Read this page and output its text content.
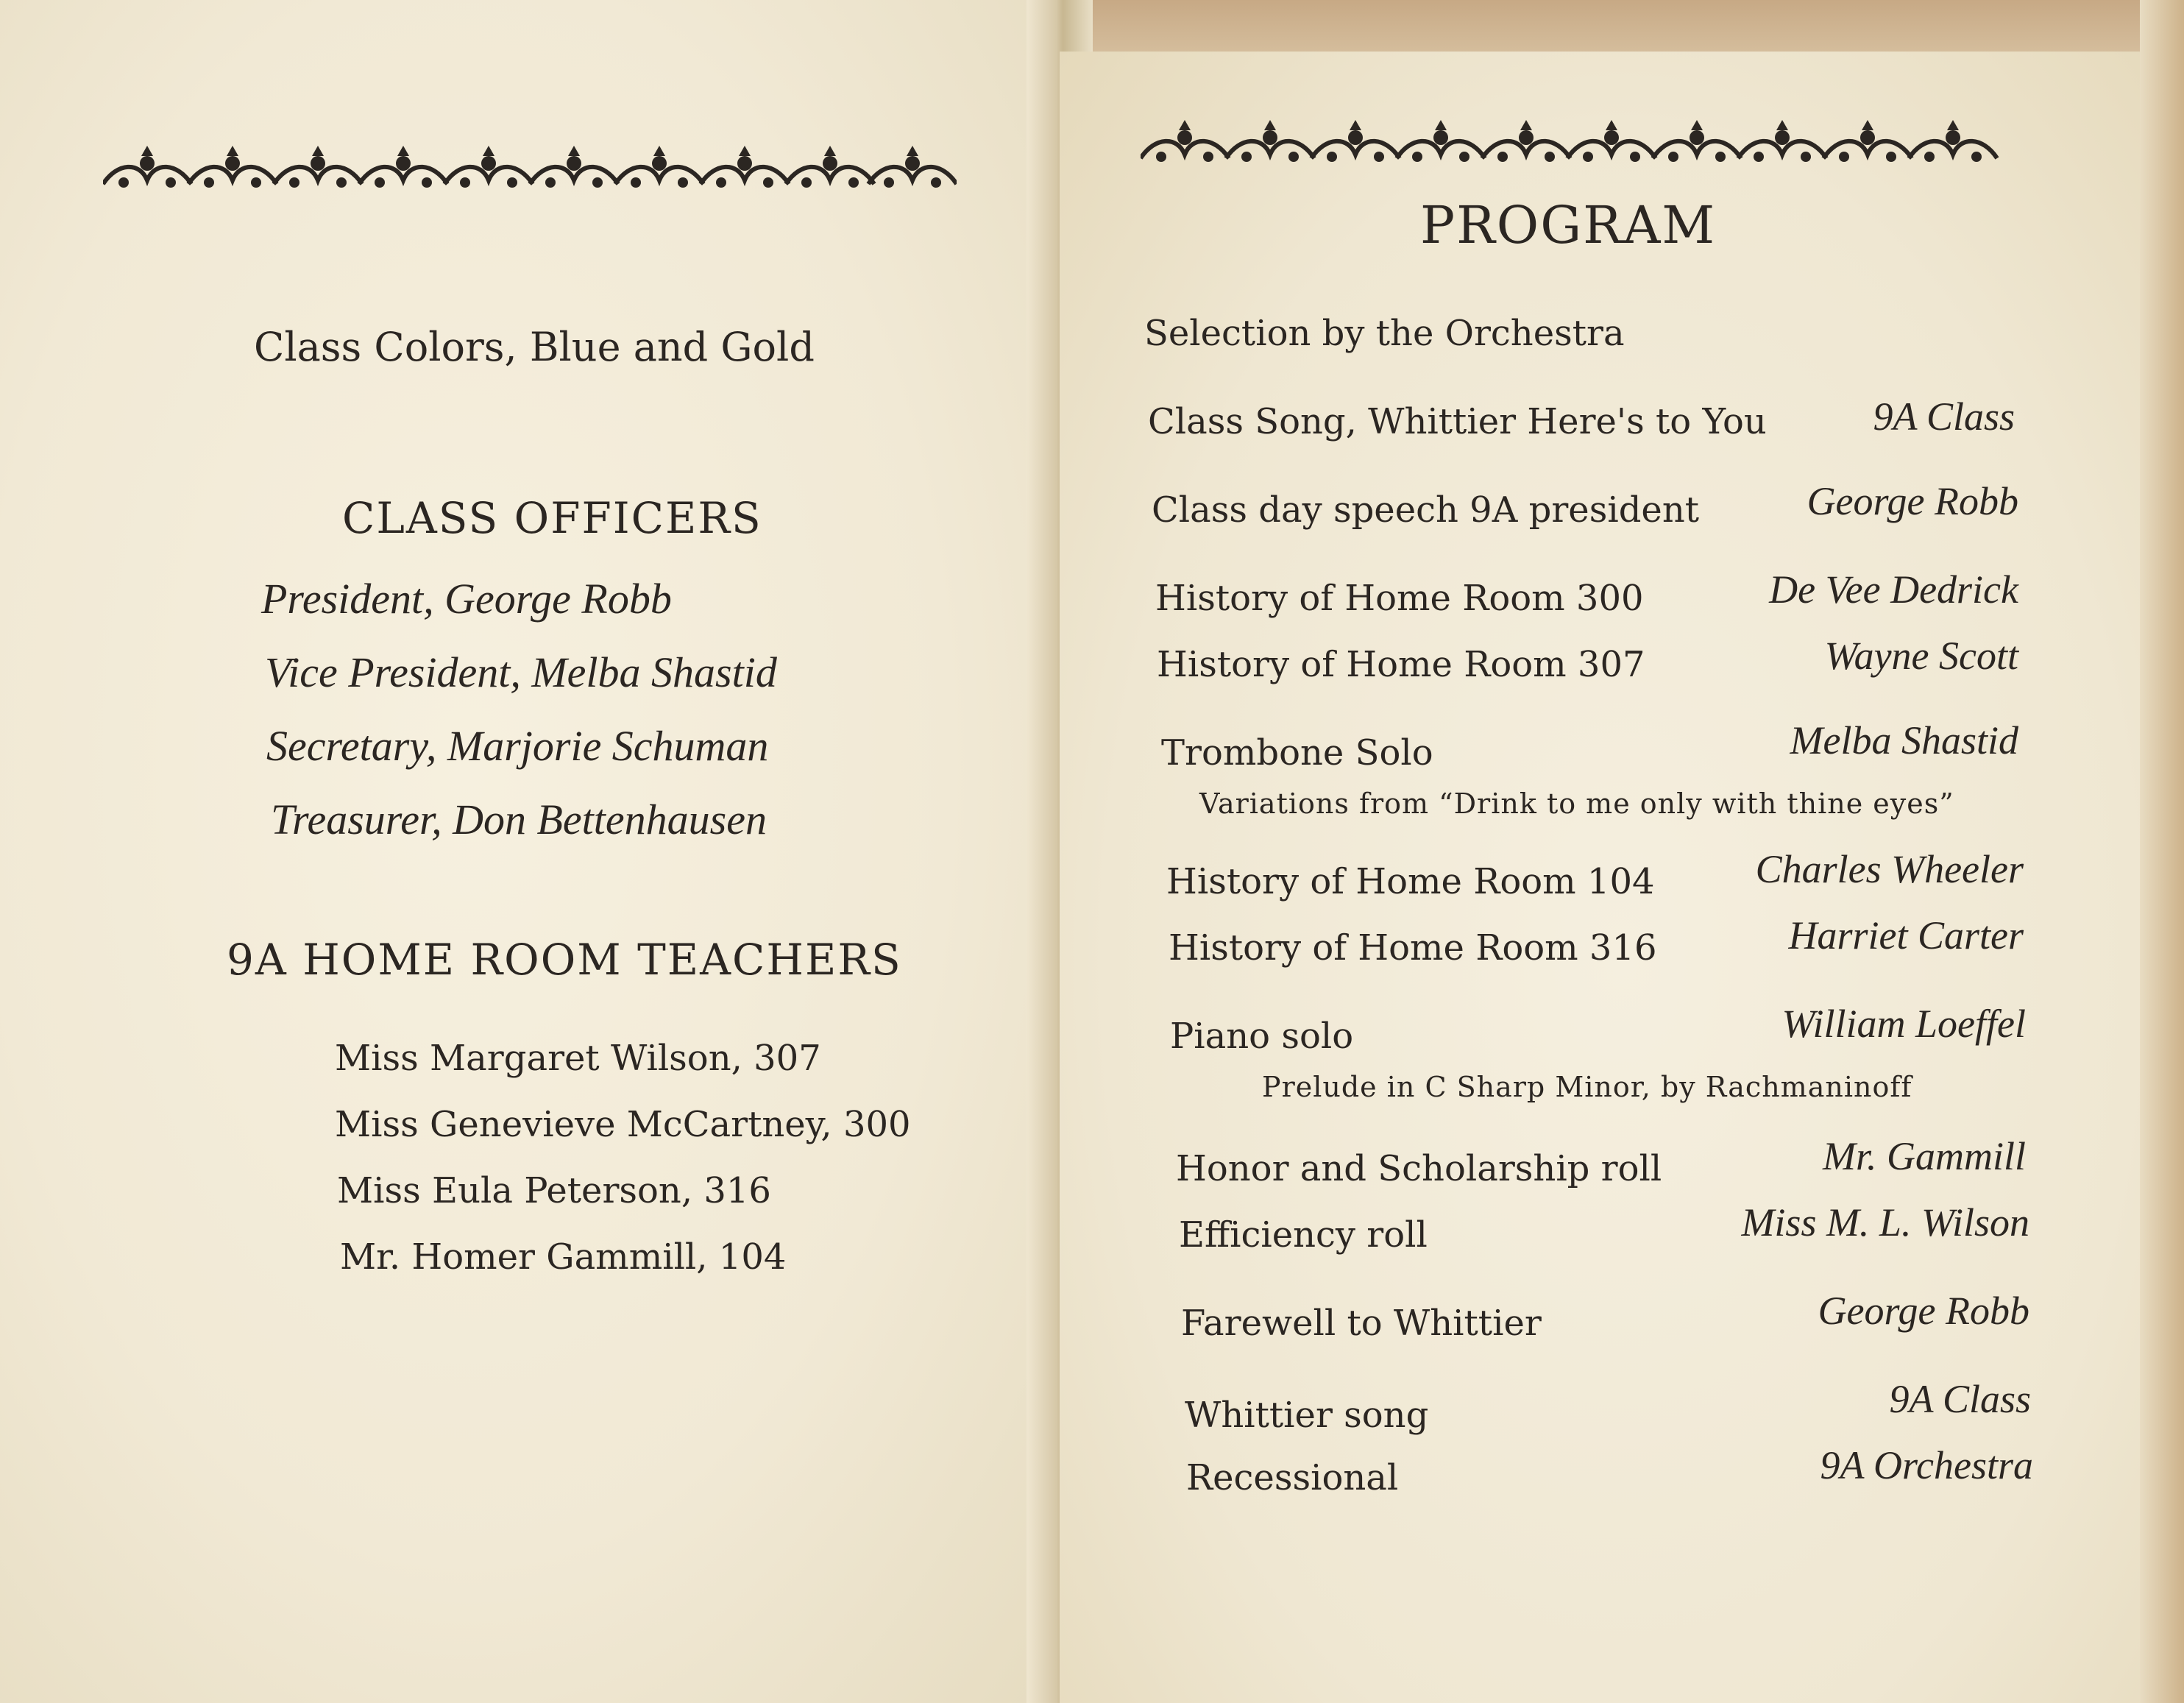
Class Colors, Blue and Gold
CLASS OFFICERS
President, George Robb
Vice President, Melba Shastid
Secretary, Marjorie Schuman
Treasurer, Don Bettenhausen
9A HOME ROOM TEACHERS
Miss Margaret Wilson, 307
Miss Genevieve McCartney, 300
Miss Eula Peterson, 316
Mr. Homer Gammill, 104
PROGRAM
Selection by the Orchestra
Class Song, Whittier Here's to You	9A Class
Class day speech 9A president	George Robb
History of Home Room 300	De Vee Dedrick
History of Home Room 307	Wayne Scott
Trombone Solo	Melba Shastid
Variations from “Drink to me only with thine eyes”
History of Home Room 104	Charles Wheeler
History of Home Room 316	Harriet Carter
Piano solo	William Loeffel
Prelude in C Sharp Minor, by Rachmaninoff
Honor and Scholarship roll	Mr. Gammill
Efficiency roll	Miss M. L. Wilson
Farewell to Whittier	George Robb
Whittier song	9A Class
Recessional	9A Orchestra
